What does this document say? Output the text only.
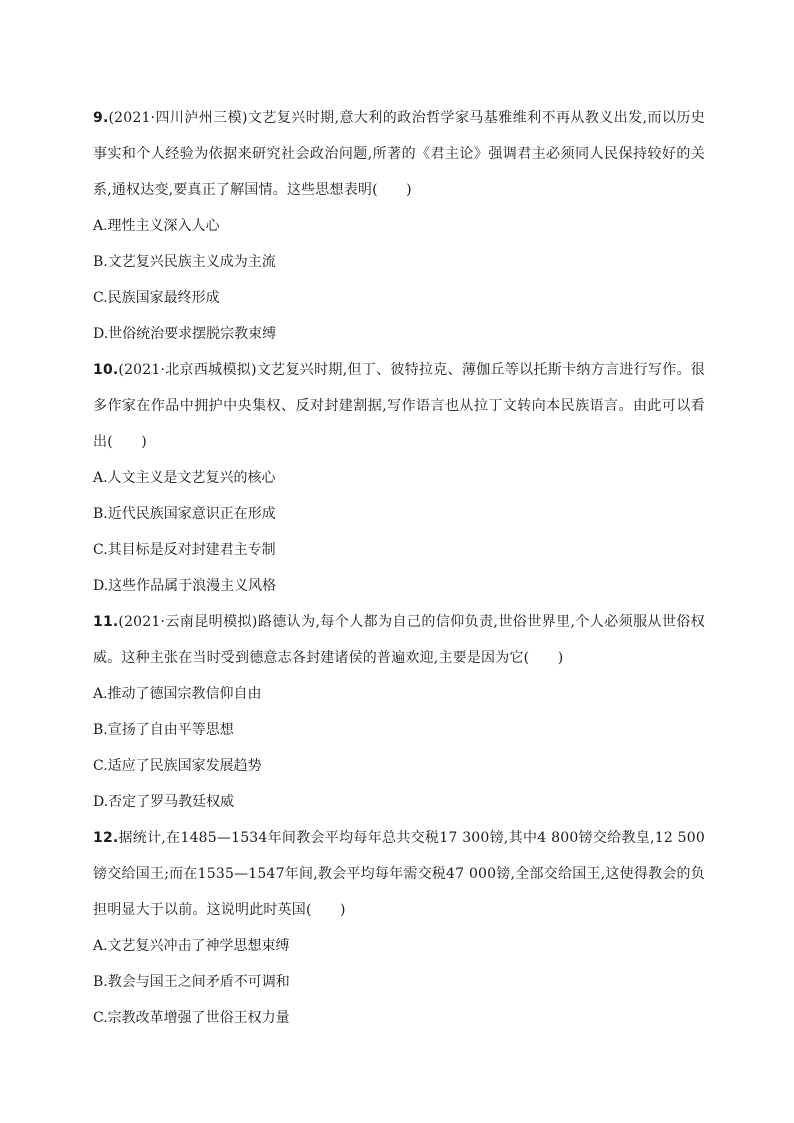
9.(2021·四川泸州三模)文艺复兴时期,意大利的政治哲学家马基雅维利不再从教义出发,而以历史事实和个人经验为依据来研究社会政治问题,所著的《君主论》强调君主必须同人民保持较好的关系,通权达变,要真正了解国情。这些思想表明(　　)

A.理性主义深入人心

B.文艺复兴民族主义成为主流

C.民族国家最终形成

D.世俗统治要求摆脱宗教束缚

10.(2021·北京西城模拟)文艺复兴时期,但丁、彼特拉克、薄伽丘等以托斯卡纳方言进行写作。很多作家在作品中拥护中央集权、反对封建割据,写作语言也从拉丁文转向本民族语言。由此可以看出(　　)

A.人文主义是文艺复兴的核心

B.近代民族国家意识正在形成

C.其目标是反对封建君主专制

D.这些作品属于浪漫主义风格

11.(2021·云南昆明模拟)路德认为,每个人都为自己的信仰负责,世俗世界里,个人必须服从世俗权威。这种主张在当时受到德意志各封建诸侯的普遍欢迎,主要是因为它(　　)

A.推动了德国宗教信仰自由

B.宣扬了自由平等思想

C.适应了民族国家发展趋势

D.否定了罗马教廷权威

12.据统计,在1485—1534年间教会平均每年总共交税17 300镑,其中4 800镑交给教皇,12 500镑交给国王;而在1535—1547年间,教会平均每年需交税47 000镑,全部交给国王,这使得教会的负担明显大于以前。这说明此时英国(　　)

A.文艺复兴冲击了神学思想束缚

B.教会与国王之间矛盾不可调和

C.宗教改革增强了世俗王权力量
